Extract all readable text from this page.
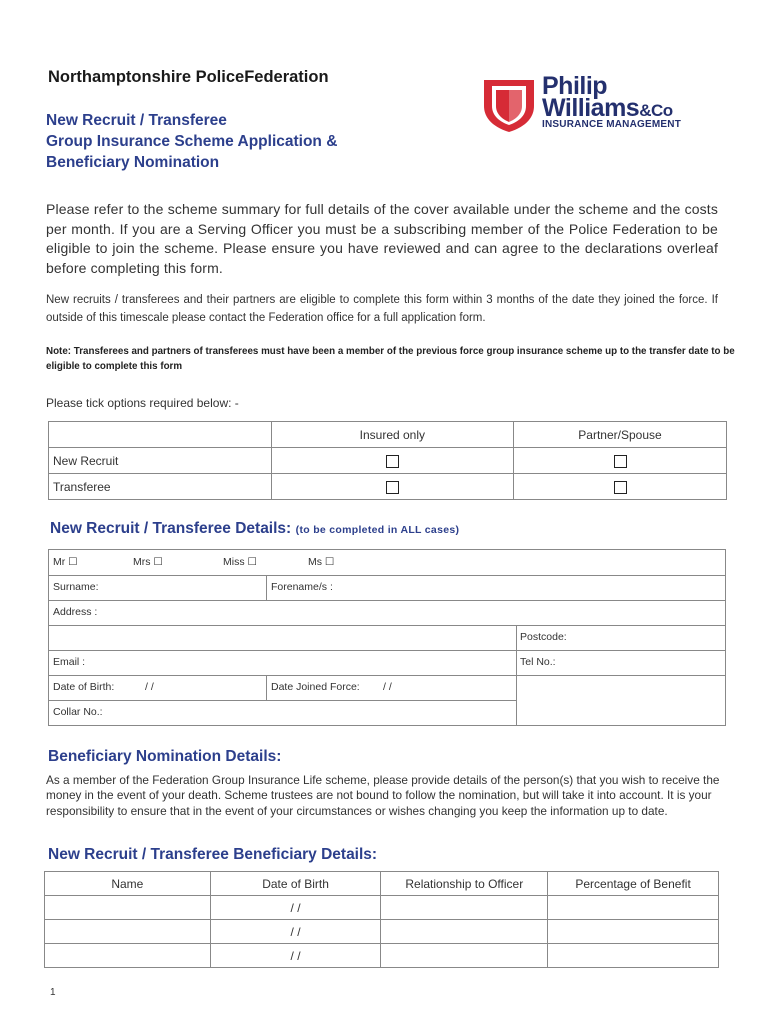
Northamptonshire PoliceFederation
New Recruit / Transferee
Group Insurance Scheme Application &
Beneficiary Nomination
Philip
Williams&Co
INSURANCE MANAGEMENT
Please refer to the scheme summary for full details of the cover available under the scheme and the costs per month. If you are a Serving Officer you must be a subscribing member of the Police Federation to be eligible to join the scheme. Please ensure you have reviewed and can agree to the declarations overleaf before completing this form.
New recruits / transferees and their partners are eligible to complete this form within 3 months of the date they joined the force. If outside of this timescale please contact the Federation office for a full application form.
Note: Transferees and partners of transferees must have been a member of the previous force group insurance scheme up to the transfer date to be eligible to complete this form
Please tick options required below: -
	Insured only	Partner/Spouse
New Recruit		
Transferee		
New Recruit / Transferee Details: (to be completed in ALL cases)
Mr ☐	Mrs ☐	Miss ☐	Ms ☐
Surname:	Forename/s :
Address :
Postcode:
Email :	Tel No.:
Date of Birth:	/ /	Date Joined Force:	/ /
Collar No.:
Beneficiary Nomination Details:
As a member of the Federation Group Insurance Life scheme, please provide details of the person(s) that you wish to receive the money in the event of your death. Scheme trustees are not bound to follow the nomination, but will take it into account. It is your responsibility to ensure that in the event of your circumstances or wishes changing you keep the information up to date.
New Recruit / Transferee Beneficiary Details:
Name	Date of Birth	Relationship to Officer	Percentage of Benefit
	/ /		
	/ /		
	/ /		
1
